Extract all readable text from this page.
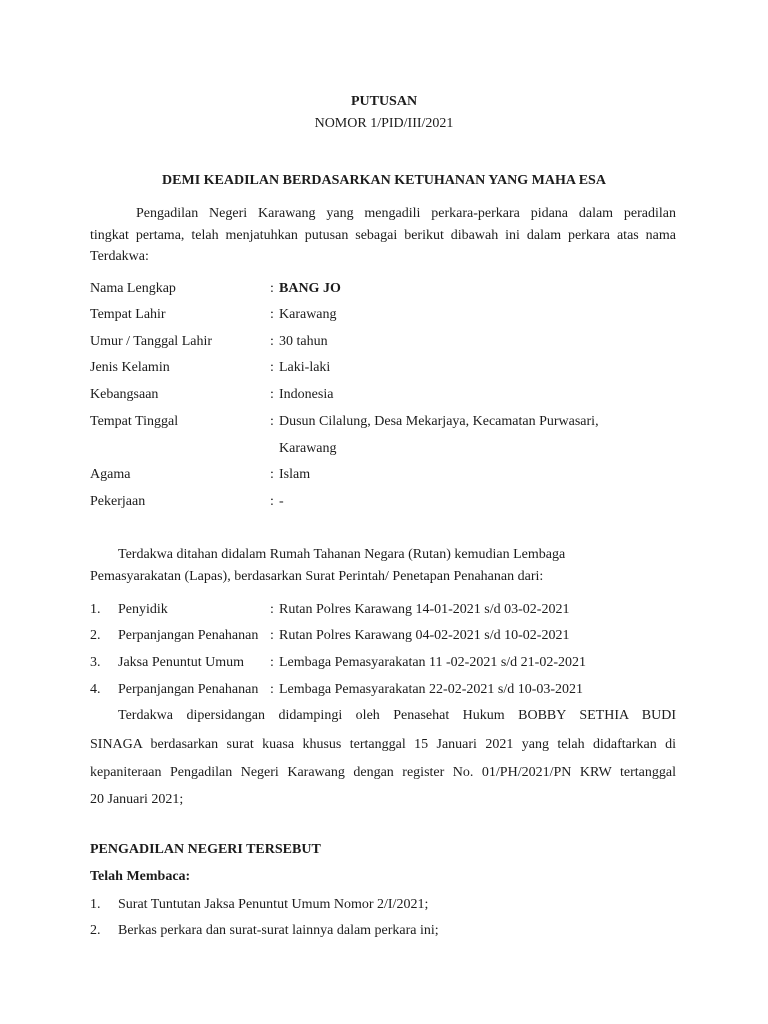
PUTUSAN
NOMOR 1/PID/III/2021
DEMI KEADILAN BERDASARKAN KETUHANAN YANG MAHA ESA
Pengadilan Negeri Karawang yang mengadili perkara-perkara pidana dalam peradilan
tingkat pertama, telah menjatuhkan putusan sebagai berikut dibawah ini dalam perkara atas nama
Terdakwa:
Nama Lengkap	: BANG JO
Tempat Lahir	: Karawang
Umur / Tanggal Lahir	: 30 tahun
Jenis Kelamin	: Laki-laki
Kebangsaan	: Indonesia
Tempat Tinggal	: Dusun Cilalung, Desa Mekarjaya, Kecamatan Purwasari,
Karawang
Agama	: Islam
Pekerjaan	: -
Terdakwa ditahan didalam Rumah Tahanan Negara (Rutan) kemudian Lembaga
Pemasyarakatan (Lapas), berdasarkan Surat Perintah/ Penetapan Penahanan dari:
1. Penyidik	: Rutan Polres Karawang 14-01-2021 s/d 03-02-2021
2. Perpanjangan Penahanan : Rutan Polres Karawang 04-02-2021 s/d 10-02-2021
3. Jaksa Penuntut Umum : Lembaga Pemasyarakatan 11 -02-2021 s/d 21-02-2021
4. Perpanjangan Penahanan : Lembaga Pemasyarakatan 22-02-2021 s/d 10-03-2021
Terdakwa dipersidangan didampingi oleh Penasehat Hukum BOBBY SETHIA BUDI
SINAGA berdasarkan surat kuasa khusus tertanggal 15 Januari 2021 yang telah didaftarkan di
kepaniteraan Pengadilan Negeri Karawang dengan register No. 01/PH/2021/PN KRW tertanggal
20 Januari 2021;
PENGADILAN NEGERI TERSEBUT
Telah Membaca:
1. Surat Tuntutan Jaksa Penuntut Umum Nomor 2/I/2021;
2. Berkas perkara dan surat-surat lainnya dalam perkara ini;
